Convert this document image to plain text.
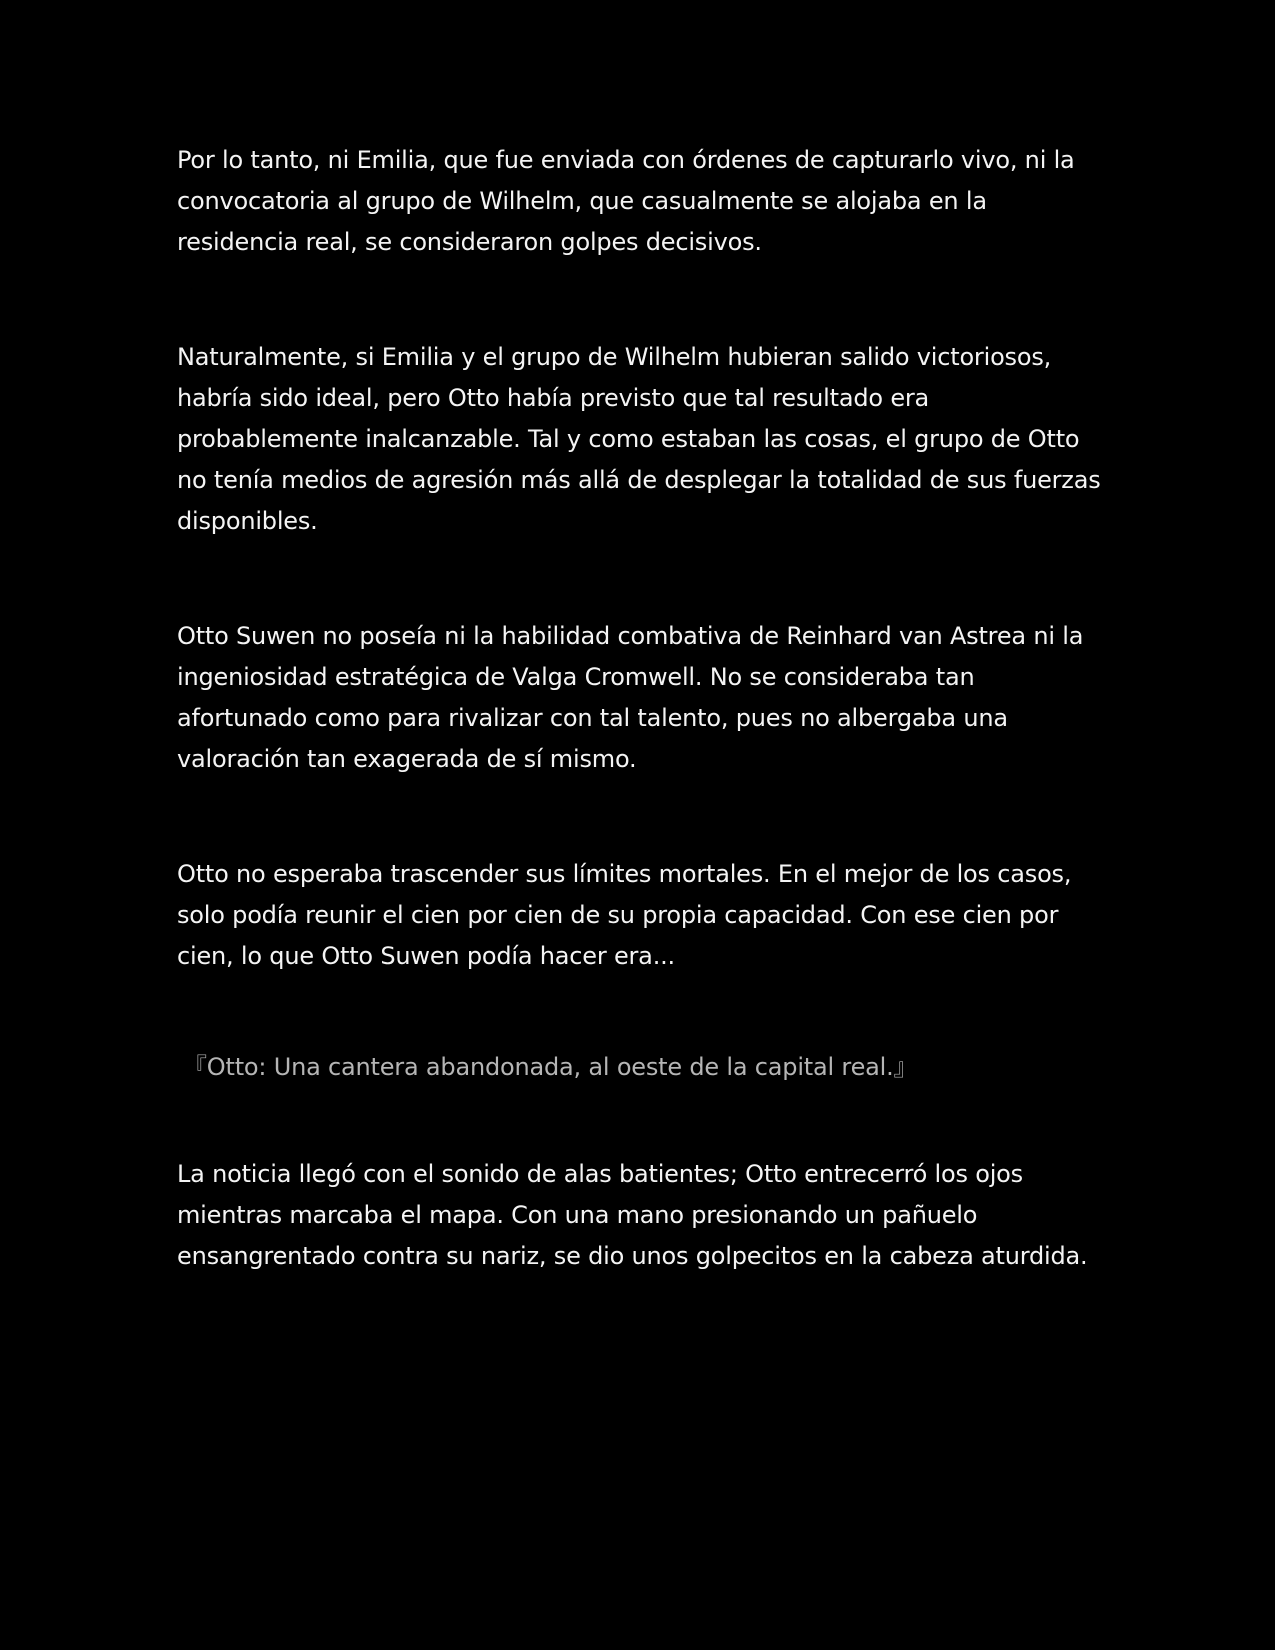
Por lo tanto, ni Emilia, que fue enviada con órdenes de capturarlo vivo, ni la convocatoria al grupo de Wilhelm, que casualmente se alojaba en la residencia real, se consideraron golpes decisivos.

Naturalmente, si Emilia y el grupo de Wilhelm hubieran salido victoriosos, habría sido ideal, pero Otto había previsto que tal resultado era probablemente inalcanzable. Tal y como estaban las cosas, el grupo de Otto no tenía medios de agresión más allá de desplegar la totalidad de sus fuerzas disponibles.

Otto Suwen no poseía ni la habilidad combativa de Reinhard van Astrea ni la ingeniosidad estratégica de Valga Cromwell. No se consideraba tan afortunado como para rivalizar con tal talento, pues no albergaba una valoración tan exagerada de sí mismo.

Otto no esperaba trascender sus límites mortales. En el mejor de los casos, solo podía reunir el cien por cien de su propia capacidad. Con ese cien por cien, lo que Otto Suwen podía hacer era...

『Otto: Una cantera abandonada, al oeste de la capital real.』

La noticia llegó con el sonido de alas batientes; Otto entrecerró los ojos mientras marcaba el mapa. Con una mano presionando un pañuelo ensangrentado contra su nariz, se dio unos golpecitos en la cabeza aturdida.
